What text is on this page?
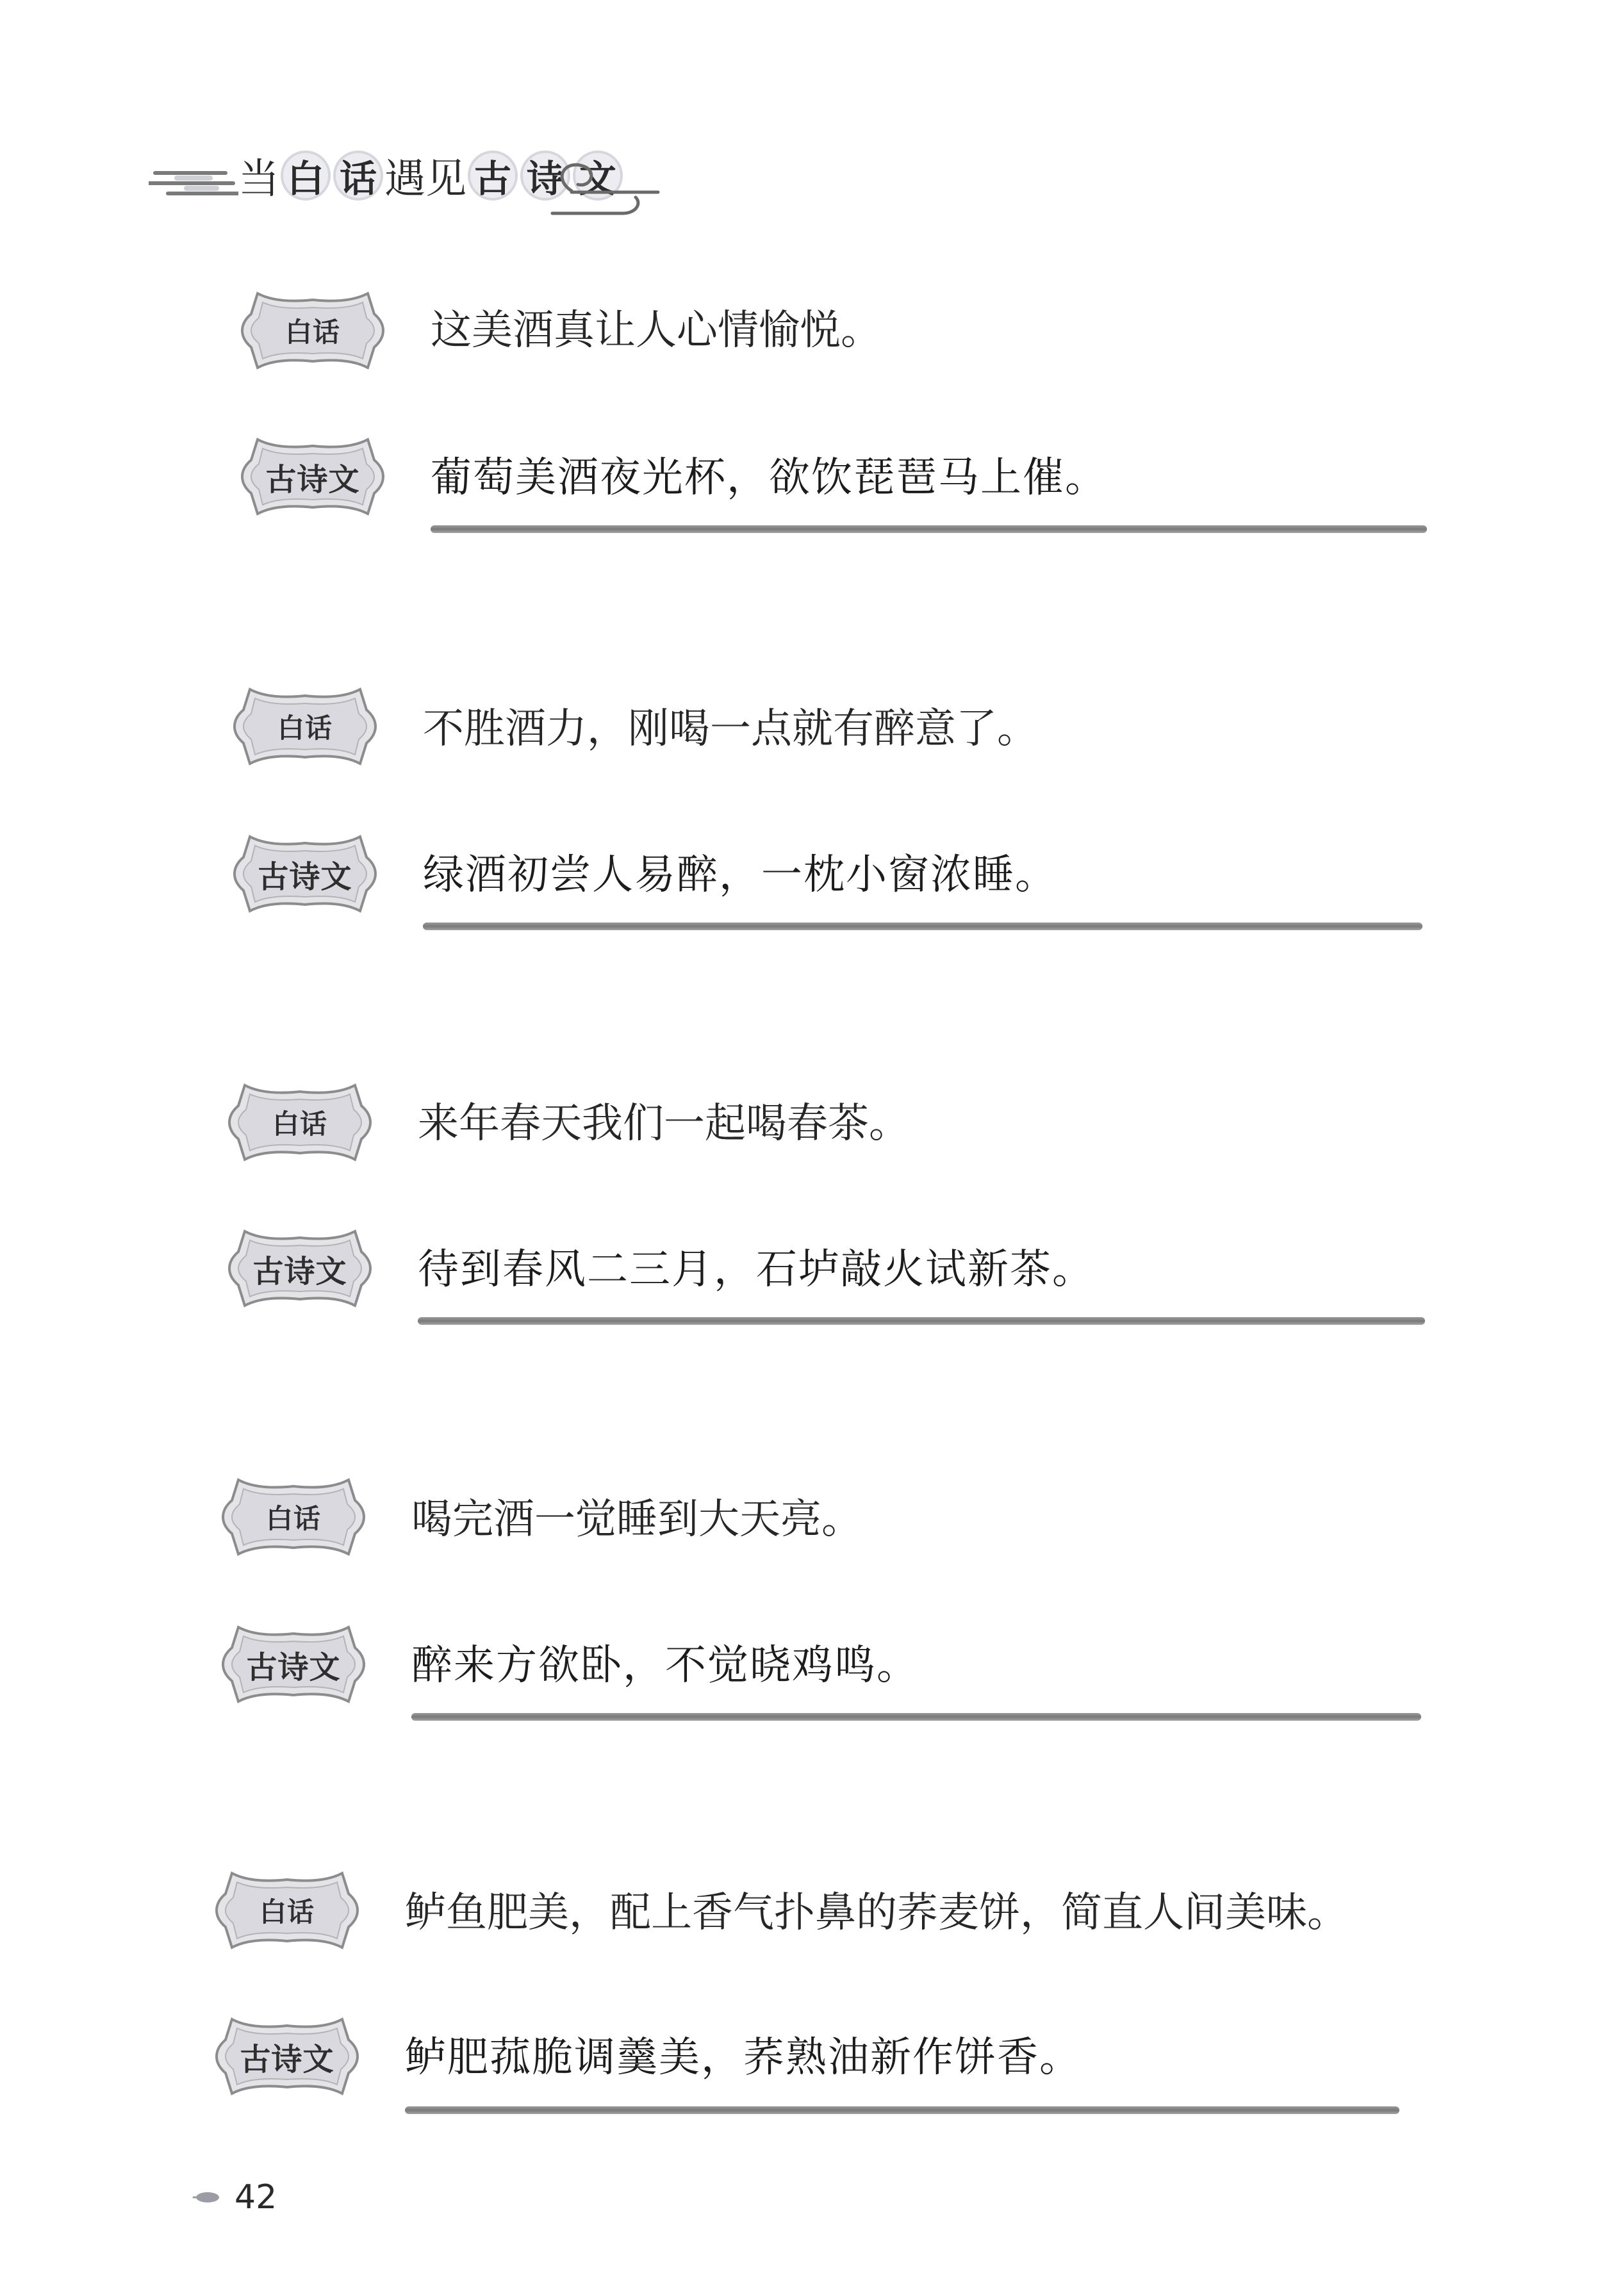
当 白 话 遇见 古 诗 文
白话	这美酒真让人心情愉悦。
古诗文	葡萄美酒夜光杯，欲饮琵琶马上催。
白话	不胜酒力，刚喝一点就有醉意了。
古诗文	绿酒初尝人易醉，一枕小窗浓睡。
白话	来年春天我们一起喝春茶。
古诗文	待到春风二三月，石垆敲火试新茶。
白话	喝完酒一觉睡到大天亮。
古诗文	醉来方欲卧，不觉晓鸡鸣。
白话	鲈鱼肥美，配上香气扑鼻的荞麦饼，简直人间美味。
古诗文	鲈肥菰脆调羹美，荞熟油新作饼香。
42
